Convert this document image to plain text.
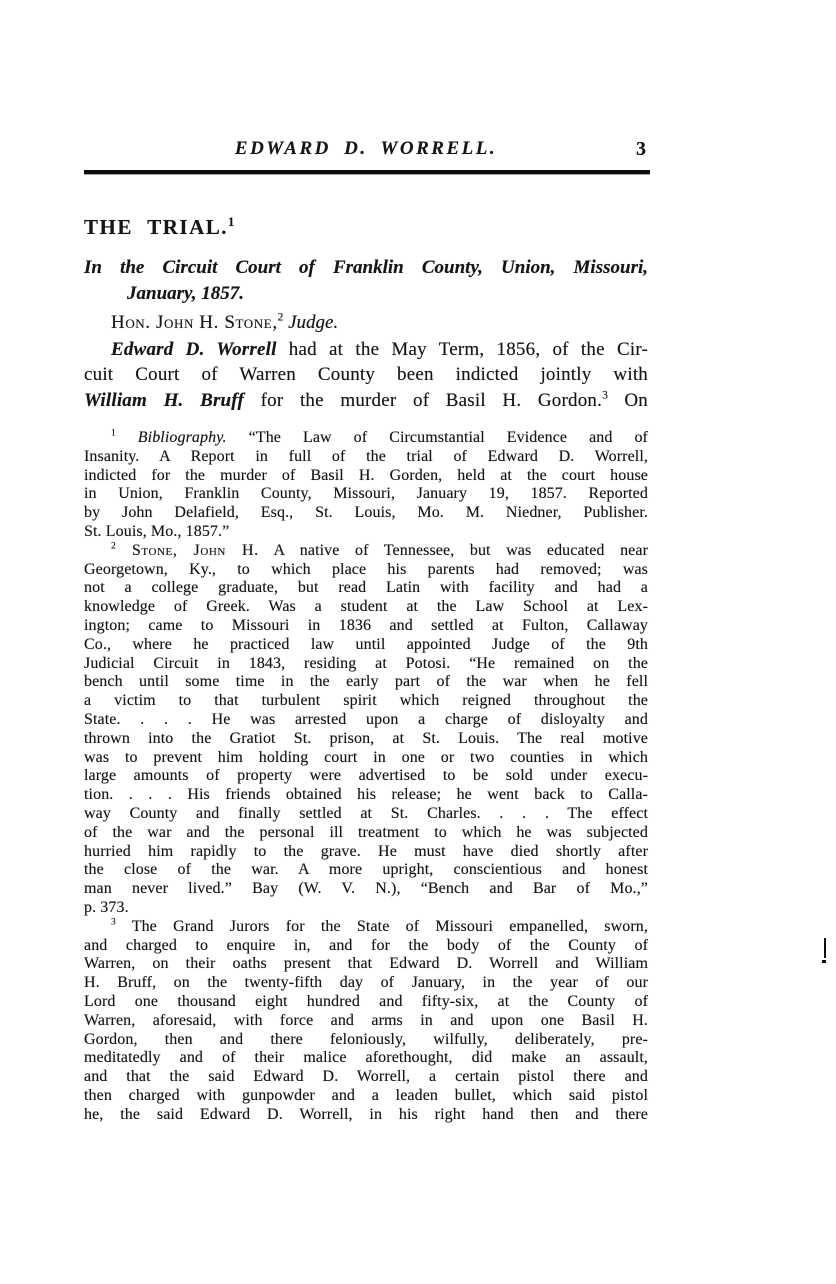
EDWARD D. WORRELL.	3
THE TRIAL.$^1$
In the Circuit Court of Franklin County, Union, Missouri,
January, 1857.
Hon. John H. Stone,$^2$ Judge.
Edward D. Worrell had at the May Term, 1856, of the Cir-
cuit Court of Warren County been indicted jointly with
William H. Bruff for the murder of Basil H. Gordon.$^3$ On
$^1$ Bibliography. “The Law of Circumstantial Evidence and of
Insanity. A Report in full of the trial of Edward D. Worrell,
indicted for the murder of Basil H. Gorden, held at the court house
in Union, Franklin County, Missouri, January 19, 1857. Reported
by John Delafield, Esq., St. Louis, Mo. M. Niedner, Publisher.
St. Louis, Mo., 1857.”
$^2$ Stone, John H. A native of Tennessee, but was educated near
Georgetown, Ky., to which place his parents had removed; was
not a college graduate, but read Latin with facility and had a
knowledge of Greek. Was a student at the Law School at Lex-
ington; came to Missouri in 1836 and settled at Fulton, Callaway
Co., where he practiced law until appointed Judge of the 9th
Judicial Circuit in 1843, residing at Potosi. “He remained on the
bench until some time in the early part of the war when he fell
a victim to that turbulent spirit which reigned throughout the
State. . . . He was arrested upon a charge of disloyalty and
thrown into the Gratiot St. prison, at St. Louis. The real motive
was to prevent him holding court in one or two counties in which
large amounts of property were advertised to be sold under execu-
tion. . . . His friends obtained his release; he went back to Calla-
way County and finally settled at St. Charles. . . . The effect
of the war and the personal ill treatment to which he was subjected
hurried him rapidly to the grave. He must have died shortly after
the close of the war. A more upright, conscientious and honest
man never lived.” Bay (W. V. N.), “Bench and Bar of Mo.,”
p. 373.
$^3$ The Grand Jurors for the State of Missouri empanelled, sworn,
and charged to enquire in, and for the body of the County of
Warren, on their oaths present that Edward D. Worrell and William
H. Bruff, on the twenty-fifth day of January, in the year of our
Lord one thousand eight hundred and fifty-six, at the County of
Warren, aforesaid, with force and arms in and upon one Basil H.
Gordon, then and there feloniously, wilfully, deliberately, pre-
meditatedly and of their malice aforethought, did make an assault,
and that the said Edward D. Worrell, a certain pistol there and
then charged with gunpowder and a leaden bullet, which said pistol
he, the said Edward D. Worrell, in his right hand then and there
